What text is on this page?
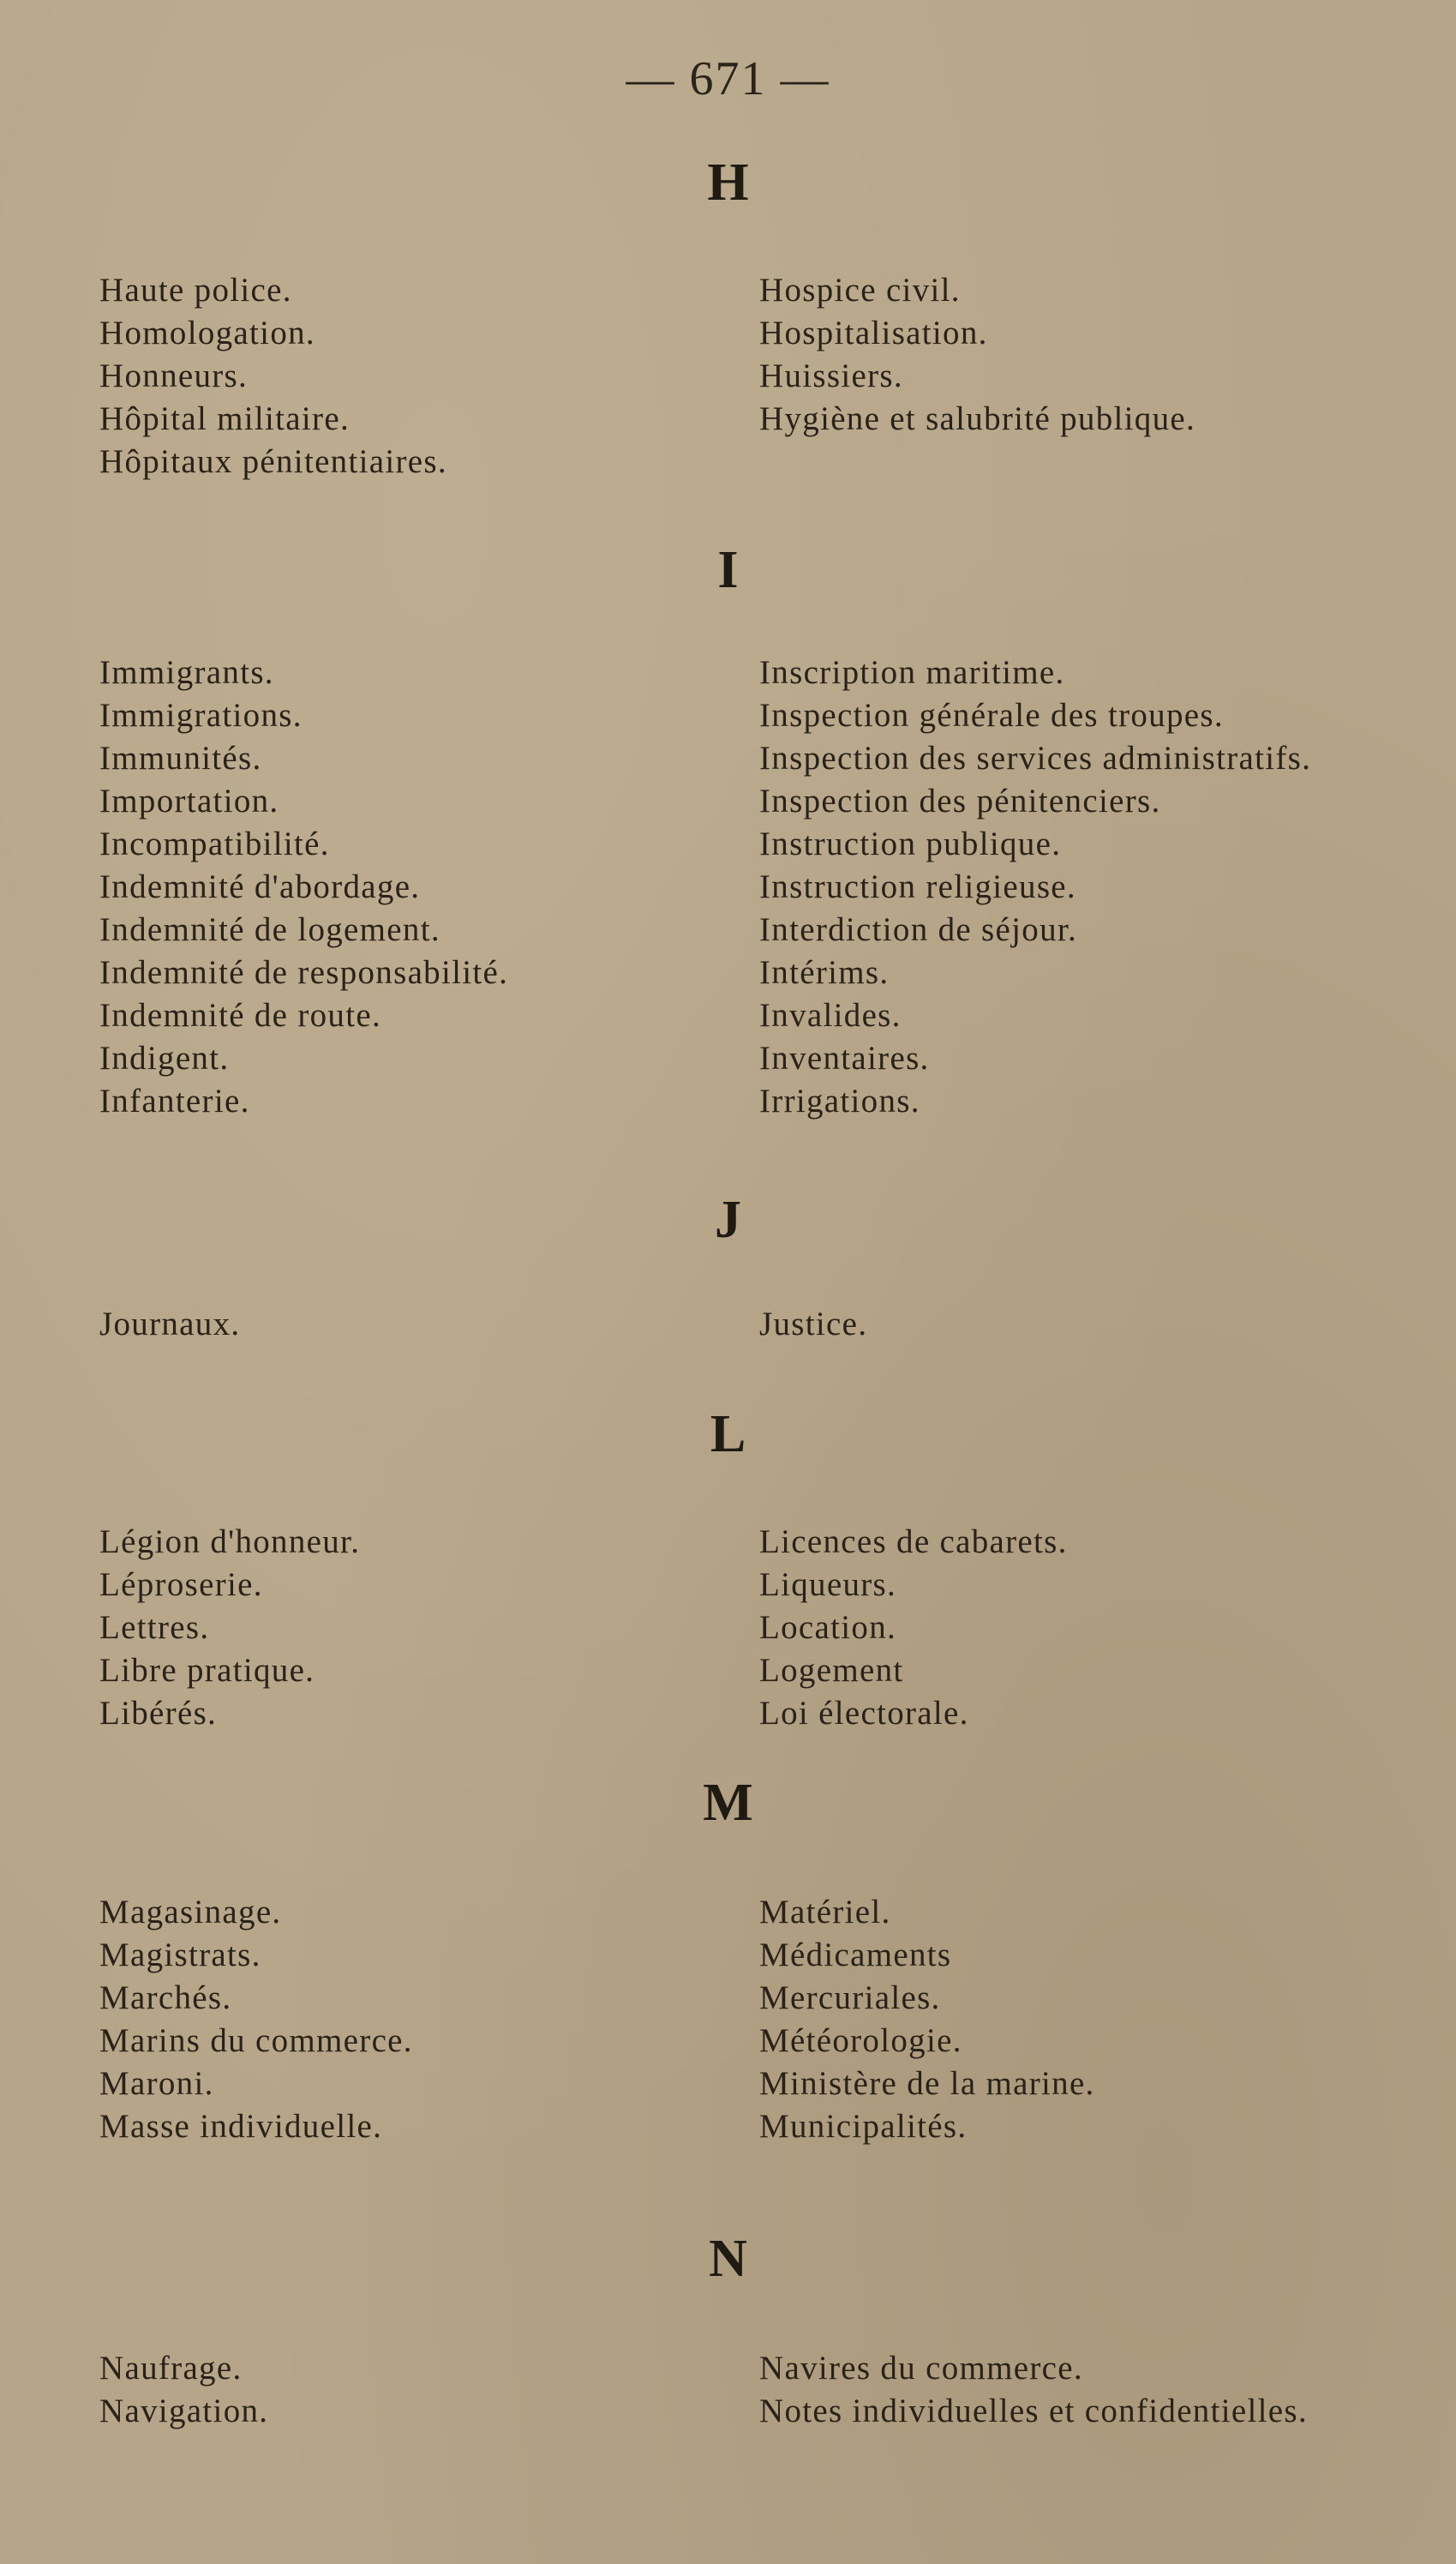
— 671 —
H
Haute police.
Homologation.
Honneurs.
Hôpital militaire.
Hôpitaux pénitentiaires.
Hospice civil.
Hospitalisation.
Huissiers.
Hygiène et salubrité publique.
I
Immigrants.
Immigrations.
Immunités.
Importation.
Incompatibilité.
Indemnité d'abordage.
Indemnité de logement.
Indemnité de responsabilité.
Indemnité de route.
Indigent.
Infanterie.
Inscription maritime.
Inspection générale des troupes.
Inspection des services administratifs.
Inspection des pénitenciers.
Instruction publique.
Instruction religieuse.
Interdiction de séjour.
Intérims.
Invalides.
Inventaires.
Irrigations.
J
Journaux.	Justice.
L
Légion d'honneur.
Léproserie.
Lettres.
Libre pratique.
Libérés.
Licences de cabarets.
Liqueurs.
Location.
Logement
Loi électorale.
M
Magasinage.
Magistrats.
Marchés.
Marins du commerce.
Maroni.
Masse individuelle.
Matériel.
Médicaments
Mercuriales.
Météorologie.
Ministère de la marine.
Municipalités.
N
Naufrage.
Navigation.
Navires du commerce.
Notes individuelles et confidentielles.
